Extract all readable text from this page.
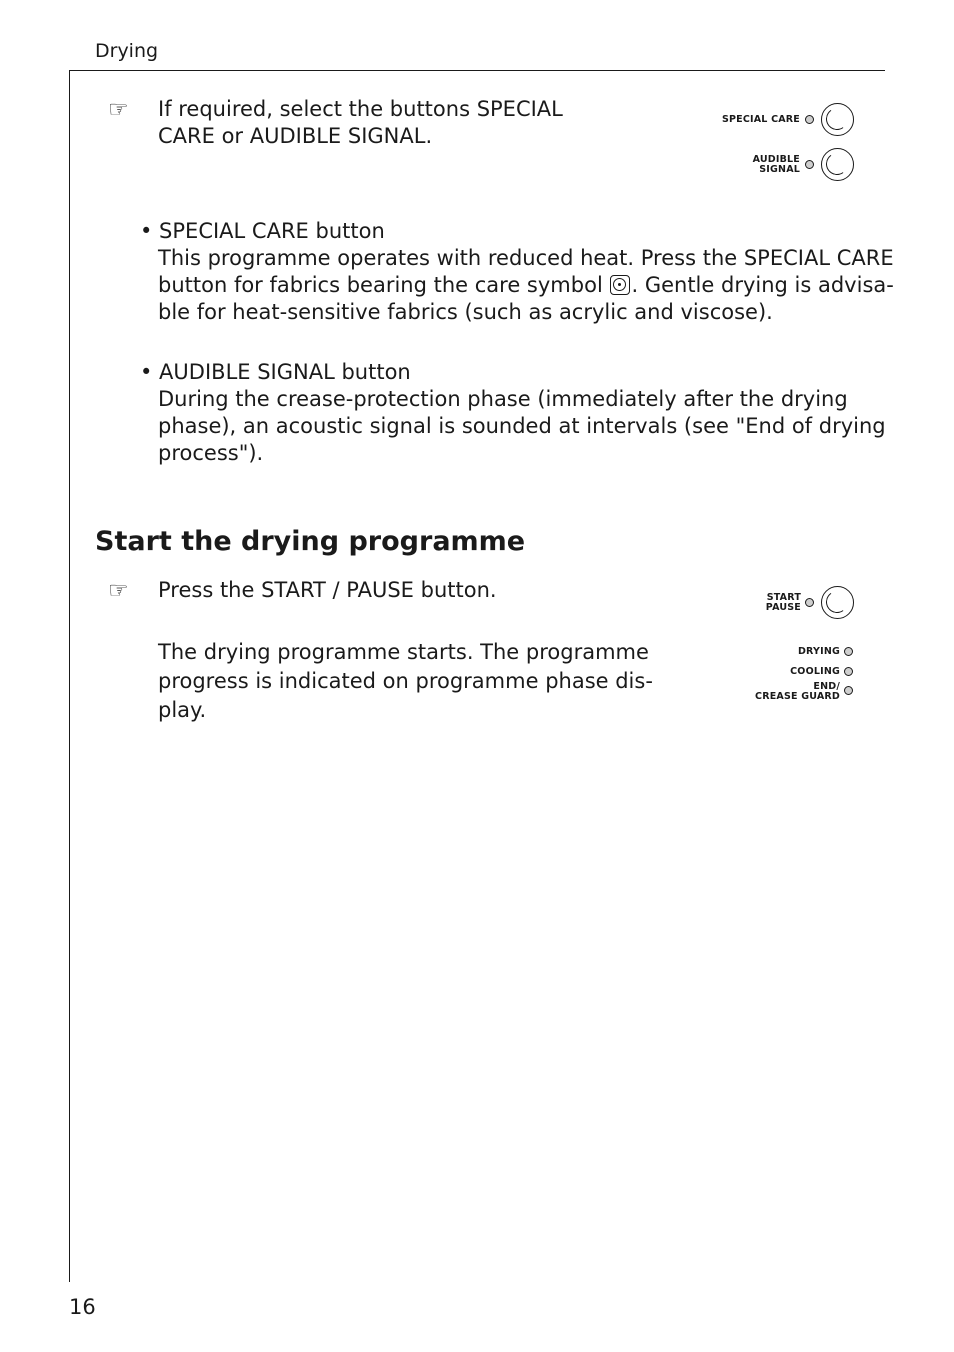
Drying
16
☞ If required, select the buttons SPECIAL
CARE or AUDIBLE SIGNAL.
SPECIAL CARE
AUDIBLE
SIGNAL
• SPECIAL CARE button
This programme operates with reduced heat. Press the SPECIAL CARE
button for fabrics bearing the care symbol . Gentle drying is advisa-
ble for heat-sensitive fabrics (such as acrylic and viscose).
• AUDIBLE SIGNAL button
During the crease-protection phase (immediately after the drying
phase), an acoustic signal is sounded at intervals (see "End of drying
process").
Start the drying programme
☞ Press the START / PAUSE button.
The drying programme starts. The programme
progress is indicated on programme phase dis-
play.
START
PAUSE
DRYING
COOLING
END/
CREASE GUARD
